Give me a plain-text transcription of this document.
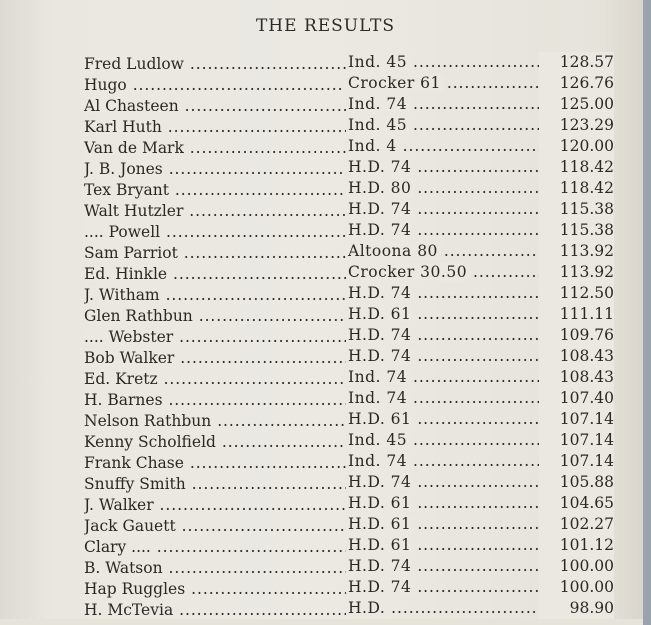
THE RESULTS
Fred Ludlow . . .	Ind. 45 . . .	128.57
Hugo . . .	Crocker 61 . . .	126.76
Al Chasteen . . .	Ind. 74 . . .	125.00
Karl Huth . . .	Ind. 45 . . .	123.29
Van de Mark . . .	Ind. 4 . . .	120.00
J. B. Jones . . .	H.D. 74 . . .	118.42
Tex Bryant . . .	H.D. 80 . . .	118.42
Walt Hutzler . . .	H.D. 74 . . .	115.38
.... Powell . . .	H.D. 74 . . .	115.38
Sam Parriot . . .	Altoona 80 . . .	113.92
Ed. Hinkle . . .	Crocker 30.50 . . .	113.92
J. Witham . . .	H.D. 74 . . .	112.50
Glen Rathbun . . .	H.D. 61 . . .	111.11
.... Webster . . .	H.D. 74 . . .	109.76
Bob Walker . . .	H.D. 74 . . .	108.43
Ed. Kretz . . .	Ind. 74 . . .	108.43
H. Barnes . . .	Ind. 74 . . .	107.40
Nelson Rathbun . . .	H.D. 61 . . .	107.14
Kenny Scholfield . . .	Ind. 45 . . .	107.14
Frank Chase . . .	Ind. 74 . . .	107.14
Snuffy Smith . . .	H.D. 74 . . .	105.88
J. Walker . . .	H.D. 61 . . .	104.65
Jack Gauett . . .	H.D. 61 . . .	102.27
Clary .... . . .	H.D. 61 . . .	101.12
B. Watson . . .	H.D. 74 . . .	100.00
Hap Ruggles . . .	H.D. 74 . . .	100.00
H. McTevia . . .	H.D. . . .	98.90
